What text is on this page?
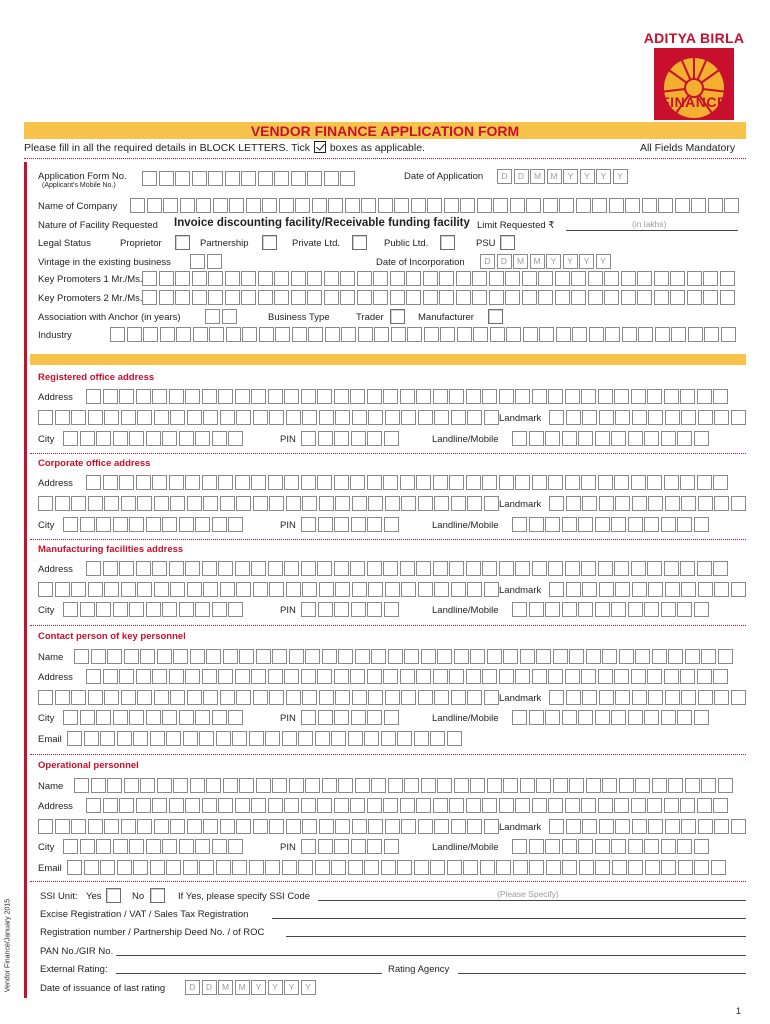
ADITYA BIRLA
FINANCE
VENDOR FINANCE APPLICATION FORM
Please fill in all the required details in BLOCK LETTERS. Tick boxes as applicable.	All Fields Mandatory
Application Form No.
(Applicant's Mobile No.)
Date of Application	D	D	M	M	Y	Y	Y	Y
Name of Company
Nature of Facility Requested Invoice discounting facility/Receivable funding facility Limit Requested ₹	(in lakhs)
Legal Status	Proprietor	Partnership	Private Ltd.	Public Ltd.	PSU
Vintage in the existing business	Date of Incorporation	D	D	M	M	Y	Y	Y	Y
Key Promoters 1 Mr./Ms.
Key Promoters 2 Mr./Ms.
Association with Anchor (in years)	Business Type	Trader	Manufacturer
Industry
Registered office address
Address
Landmark
City	PIN	Landline/Mobile
Corporate office address
Address
Landmark
City	PIN	Landline/Mobile
Manufacturing facilities address
Address
Landmark
City	PIN	Landline/Mobile
Contact person of key personnel
Name
Address
Landmark
City	PIN	Landline/Mobile
Email
Operational personnel
Name
Address
Landmark
City	PIN	Landline/Mobile
Email
Vendor Finance/January 2015
SSI Unit: Yes	No	If Yes, please specify SSI Code	(Please Specify)
Excise Registration / VAT / Sales Tax Registration
Registration number / Partnership Deed No. / of ROC
PAN No./GIR No.
External Rating:	Rating Agency
Date of issuance of last rating	D	D	M	M	Y	Y	Y	Y
1
